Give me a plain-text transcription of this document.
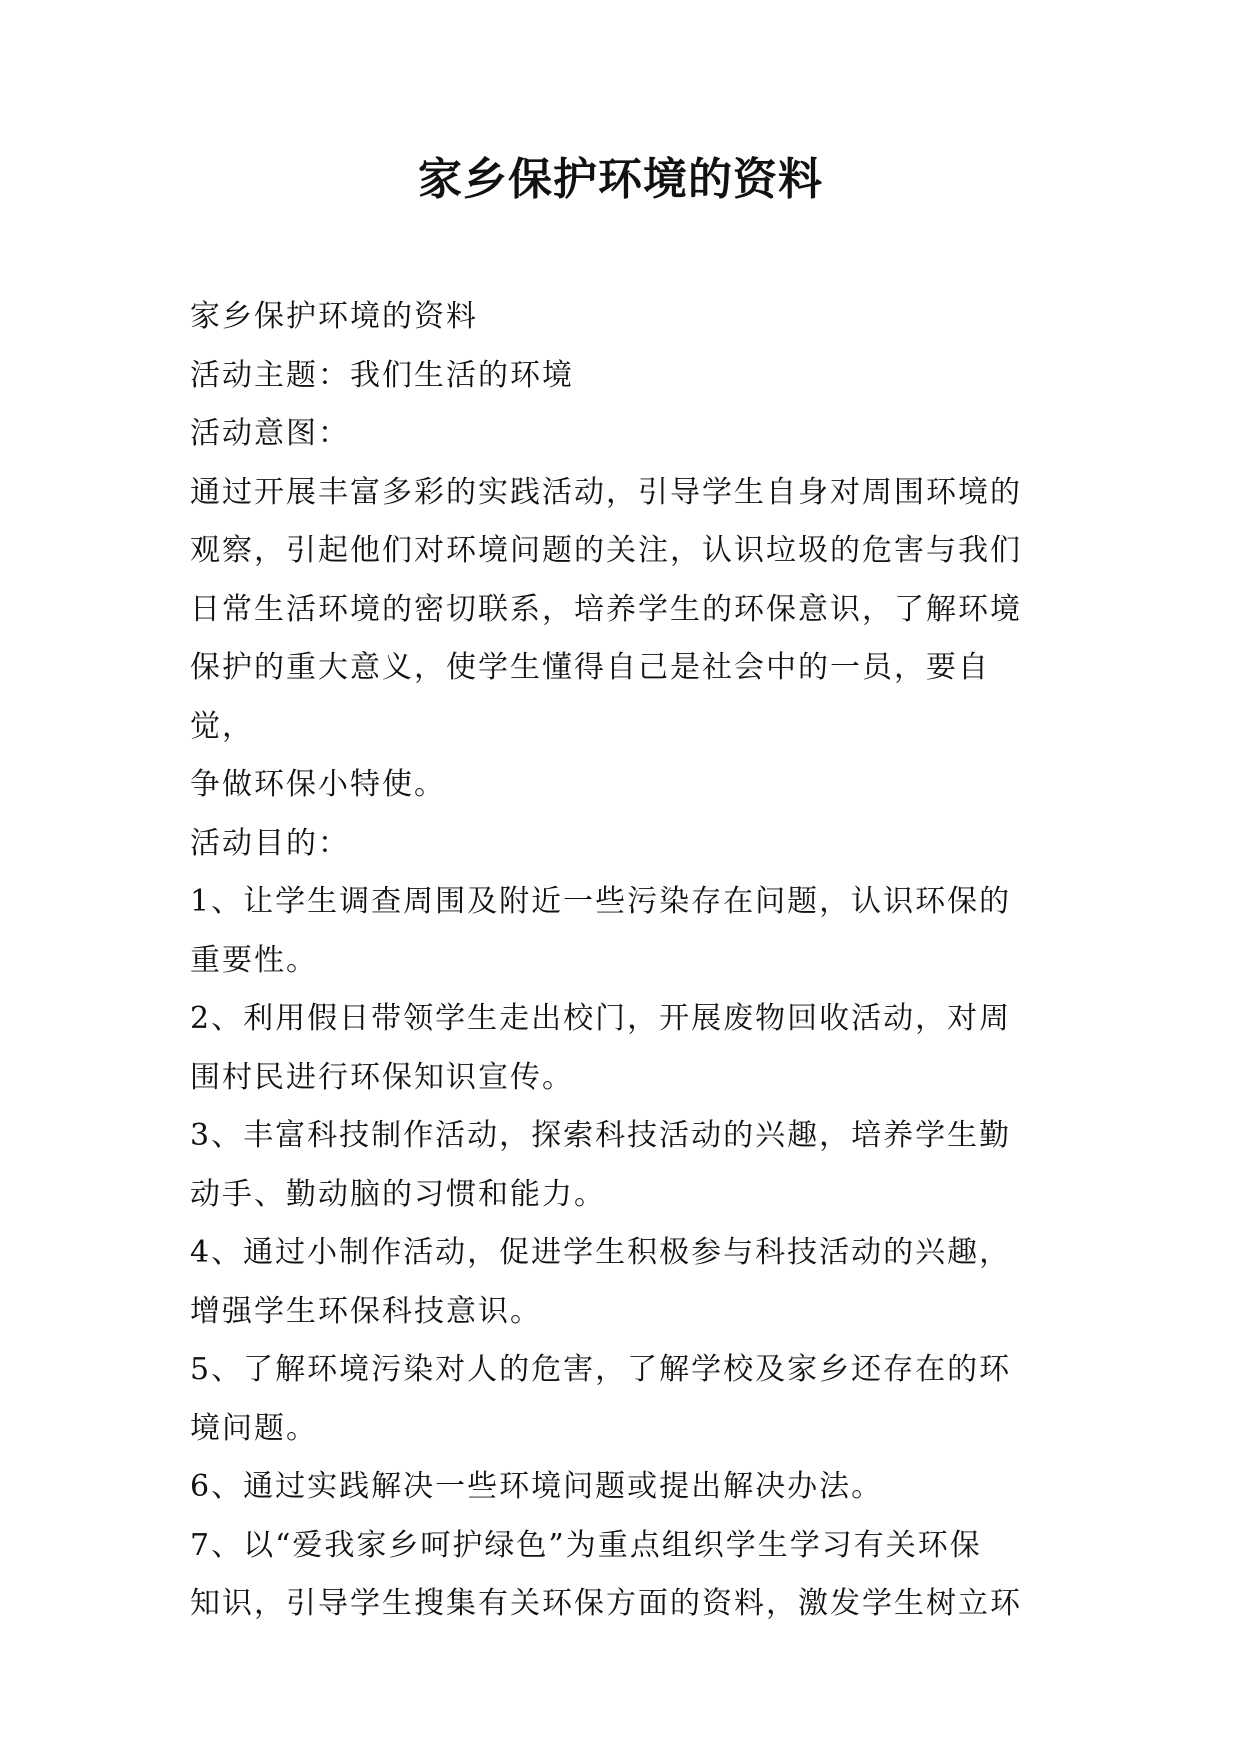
家乡保护环境的资料

家乡保护环境的资料

活动主题：我们生活的环境

活动意图：

通过开展丰富多彩的实践活动，引导学生自身对周围环境的
观察，引起他们对环境问题的关注，认识垃圾的危害与我们
日常生活环境的密切联系，培养学生的环保意识，了解环境
保护的重大意义，使学生懂得自己是社会中的一员，要自觉，
争做环保小特使。

活动目的：

1、让学生调查周围及附近一些污染存在问题，认识环保的
重要性。

2、利用假日带领学生走出校门，开展废物回收活动，对周
围村民进行环保知识宣传。

3、丰富科技制作活动，探索科技活动的兴趣，培养学生勤
动手、勤动脑的习惯和能力。

4、通过小制作活动，促进学生积极参与科技活动的兴趣，
增强学生环保科技意识。

5、了解环境污染对人的危害，了解学校及家乡还存在的环
境问题。

6、通过实践解决一些环境问题或提出解决办法。

7、以“爱我家乡呵护绿色”为重点组织学生学习有关环保
知识，引导学生搜集有关环保方面的资料，激发学生树立环
